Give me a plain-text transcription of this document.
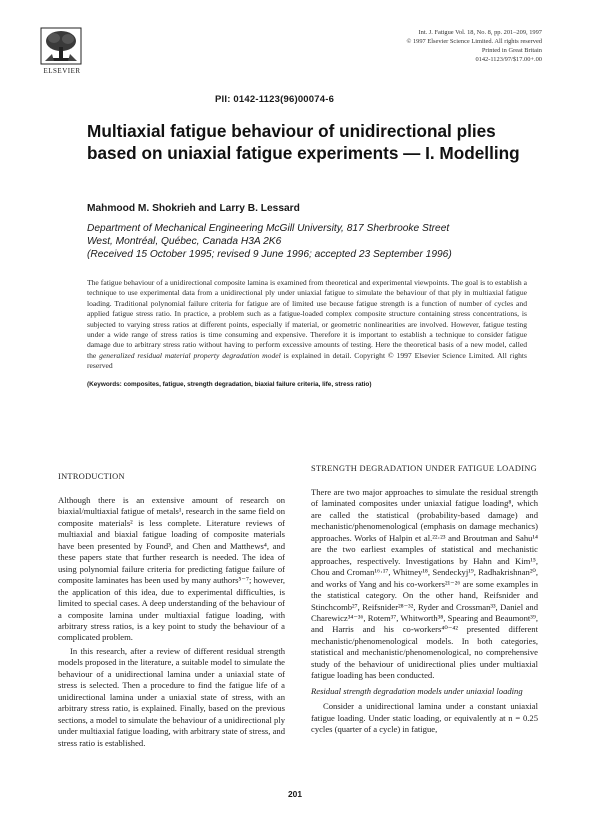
ELSEVIER
Int. J. Fatigue Vol. 18, No. 8, pp. 201–209, 1997
© 1997 Elsevier Science Limited. All rights reserved
Printed in Great Britain
0142-1123/97/$17.00+.00
PII: 0142-1123(96)00074-6
Multiaxial fatigue behaviour of unidirectional plies based on uniaxial fatigue experiments — I. Modelling
Mahmood M. Shokrieh and Larry B. Lessard
Department of Mechanical Engineering McGill University, 817 Sherbrooke Street
West, Montréal, Québec, Canada H3A 2K6
(Received 15 October 1995; revised 9 June 1996; accepted 23 September 1996)
The fatigue behaviour of a unidirectional composite lamina is examined from theoretical and experimental viewpoints. The goal is to establish a technique to use experimental data from a unidirectional ply under uniaxial fatigue to simulate the behaviour of that ply in multiaxial fatigue loading. Traditional polynomial failure criteria for fatigue are of limited use because fatigue strength is a function of number of cycles and applied fatigue stress ratio. In practice, a problem such as a fatigue-loaded complex composite structure containing stress concentrations, is subjected to varying stress ratios at different points, especially if material, or geometric nonlinearities are involved. However, fatigue testing under a wide range of stress ratios is time consuming and expensive. Therefore it is important to establish a technique to consider fatigue damage due to arbitrary stress ratio without having to perform excessive amounts of testing. Here the theoretical basis of a new model, called the generalized residual material property degradation model is explained in detail. Copyright © 1997 Elsevier Science Limited. All rights reserved
(Keywords: composites, fatigue, strength degradation, biaxial failure criteria, life, stress ratio)

INTRODUCTION

Although there is an extensive amount of research on biaxial/multiaxial fatigue of metals¹, research in the same field on composite materials² is less complete. Literature reviews of multiaxial and biaxial fatigue loading of composite materials have been presented by Found³, and Chen and Matthews⁴, and these papers state that further research is needed. The idea of using polynomial failure criteria for predicting fatigue failure of composite laminates has been used by many authors⁵⁻⁷; however, the application of this idea, due to experimental difficulties, is limited to special cases. A deep understanding of the behaviour of a composite lamina under multiaxial fatigue loading, with arbitrary stress ratios, is a key point to study the behaviour of a complicated problem.

In this research, after a review of different residual strength models proposed in the literature, a suitable model to simulate the behaviour of a unidirectional lamina under a uniaxial state of stress is selected. Then a procedure to find the fatigue life of a unidirectional lamina under a uniaxial state of stress, with an arbitrary stress ratio, is explained. Finally, based on the previous sections, a model to simulate the behaviour of a unidirectional ply under multiaxial fatigue loading, with arbitrary state of stress, and stress ratio is established.

STRENGTH DEGRADATION UNDER FATIGUE LOADING

There are two major approaches to simulate the residual strength of laminated composites under uniaxial fatigue loading⁸, which are called the statistical (probability-based damage) and mechanistic/phenomenological (emphasis on damage mechanics) approaches. Works of Halpin et al.²²·²³ and Broutman and Sahu¹⁴ are the two earliest examples of statistical and mechanistic approaches, respectively. Investigations by Hahn and Kim¹⁵, Chou and Croman¹⁶·¹⁷, Whitney¹⁸, Sendeckyj¹⁹, Radhakrishnan²⁰, and works of Yang and his co-workers²¹⁻²⁶ are some examples in the statistical category. On the other hand, Reifsnider and Stinchcomb²⁷, Reifsnider²⁸⁻³², Ryder and Crossman³³, Daniel and Charewicz³⁴⁻³⁶, Rotem³⁷, Whitworth³⁸, Spearing and Beaumont³⁹, and Harris and his co-workers⁴⁰⁻⁴² presented different mechanistic/phenomenological models. In both categories, statistical and mechanistic/phenomenological, no comprehensive study of the behaviour of unidirectional plies under multiaxial fatigue loading has been conducted.

Residual strength degradation models under uniaxial loading

Consider a unidirectional lamina under a constant uniaxial fatigue loading. Under static loading, or equivalently at n = 0.25 cycles (quarter of a cycle) in fatigue,

201
